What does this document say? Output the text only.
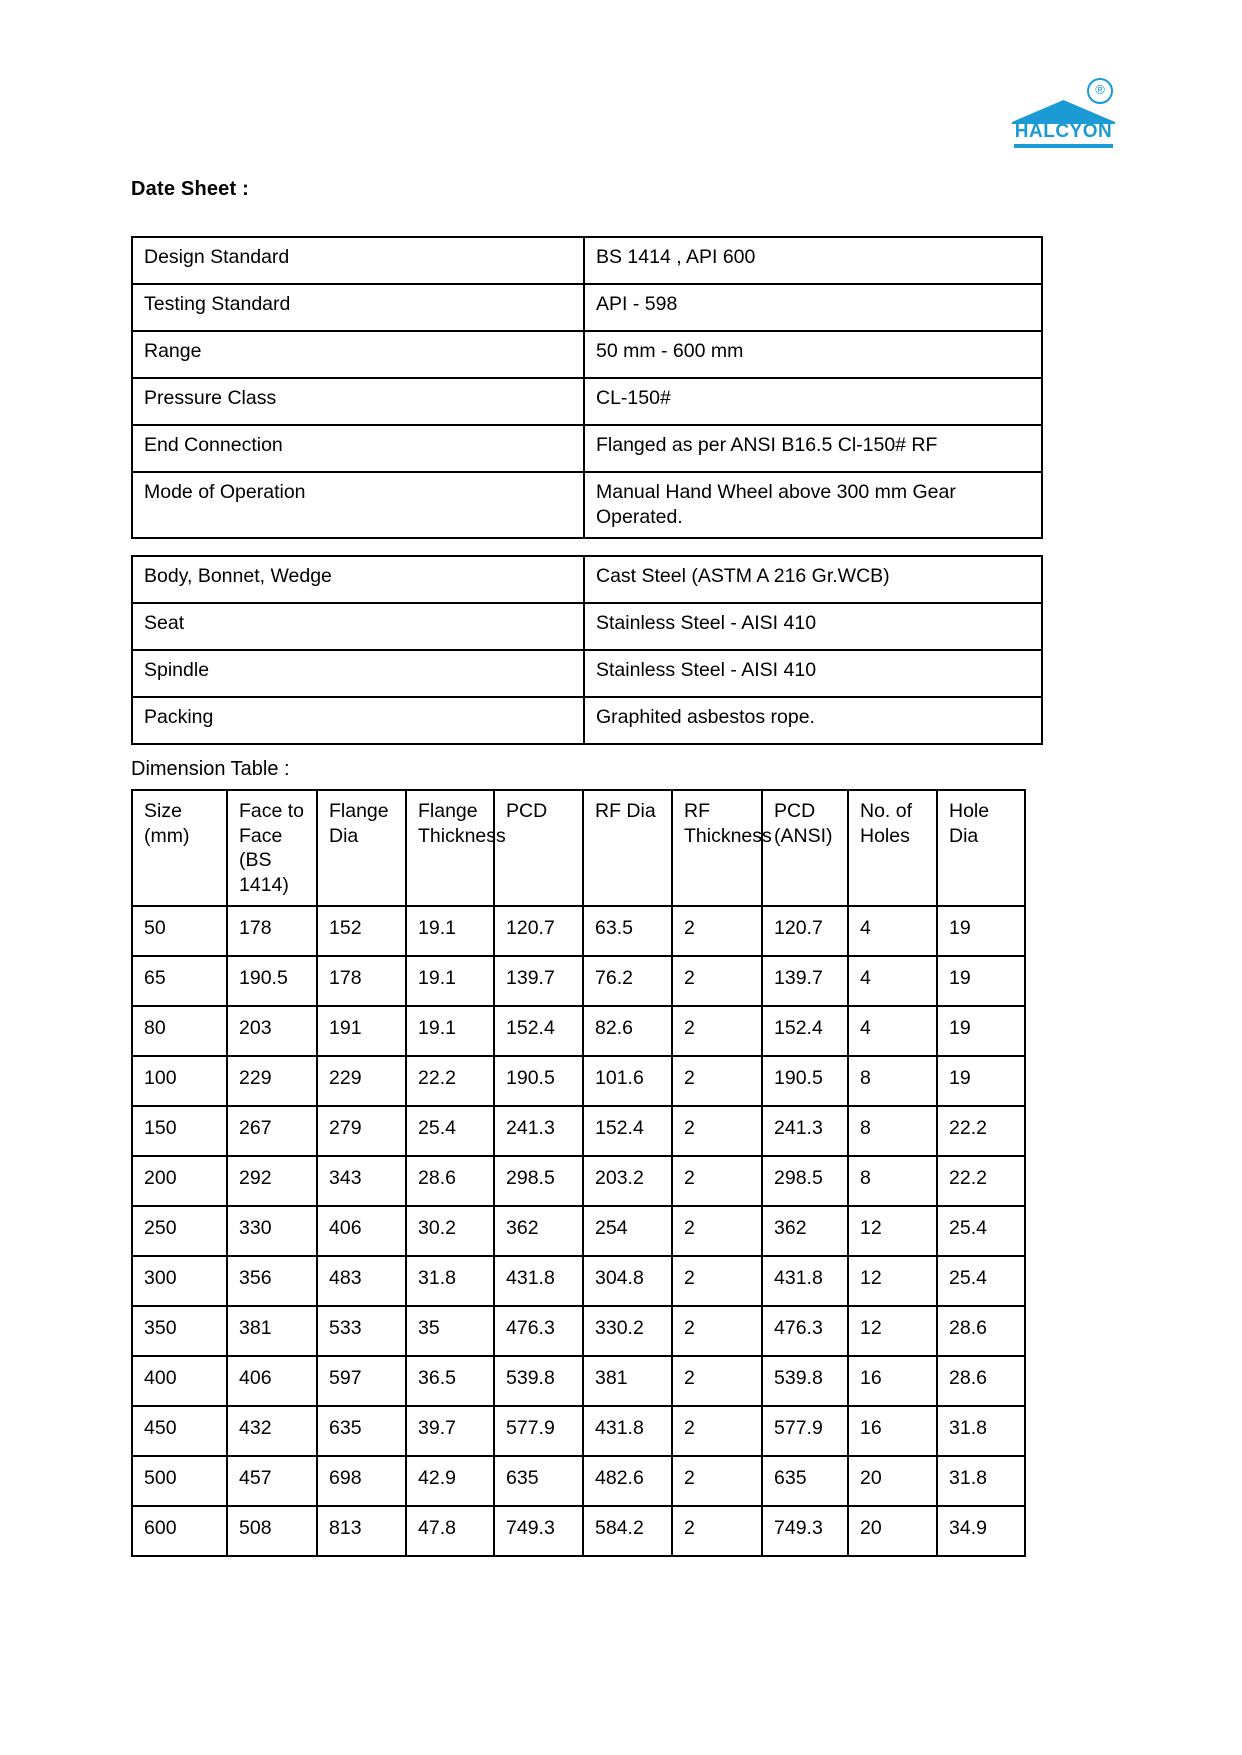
®
HALCYON
Date Sheet :
Design Standard	BS 1414 , API 600
Testing Standard	API - 598
Range	50 mm - 600 mm
Pressure Class	CL-150#
End Connection	Flanged as per ANSI B16.5 Cl-150# RF
Mode of Operation	Manual Hand Wheel above 300 mm Gear Operated.
Body, Bonnet, Wedge	Cast Steel (ASTM A 216 Gr.WCB)
Seat	Stainless Steel - AISI 410
Spindle	Stainless Steel - AISI 410
Packing	Graphited asbestos rope.
Dimension Table :
Size (mm)	Face to Face (BS 1414)	Flange Dia	Flange Thickness	PCD	RF Dia	RF Thickness	PCD (ANSI)	No. of Holes	Hole Dia
50	178	152	19.1	120.7	63.5	2	120.7	4	19
65	190.5	178	19.1	139.7	76.2	2	139.7	4	19
80	203	191	19.1	152.4	82.6	2	152.4	4	19
100	229	229	22.2	190.5	101.6	2	190.5	8	19
150	267	279	25.4	241.3	152.4	2	241.3	8	22.2
200	292	343	28.6	298.5	203.2	2	298.5	8	22.2
250	330	406	30.2	362	254	2	362	12	25.4
300	356	483	31.8	431.8	304.8	2	431.8	12	25.4
350	381	533	35	476.3	330.2	2	476.3	12	28.6
400	406	597	36.5	539.8	381	2	539.8	16	28.6
450	432	635	39.7	577.9	431.8	2	577.9	16	31.8
500	457	698	42.9	635	482.6	2	635	20	31.8
600	508	813	47.8	749.3	584.2	2	749.3	20	34.9
